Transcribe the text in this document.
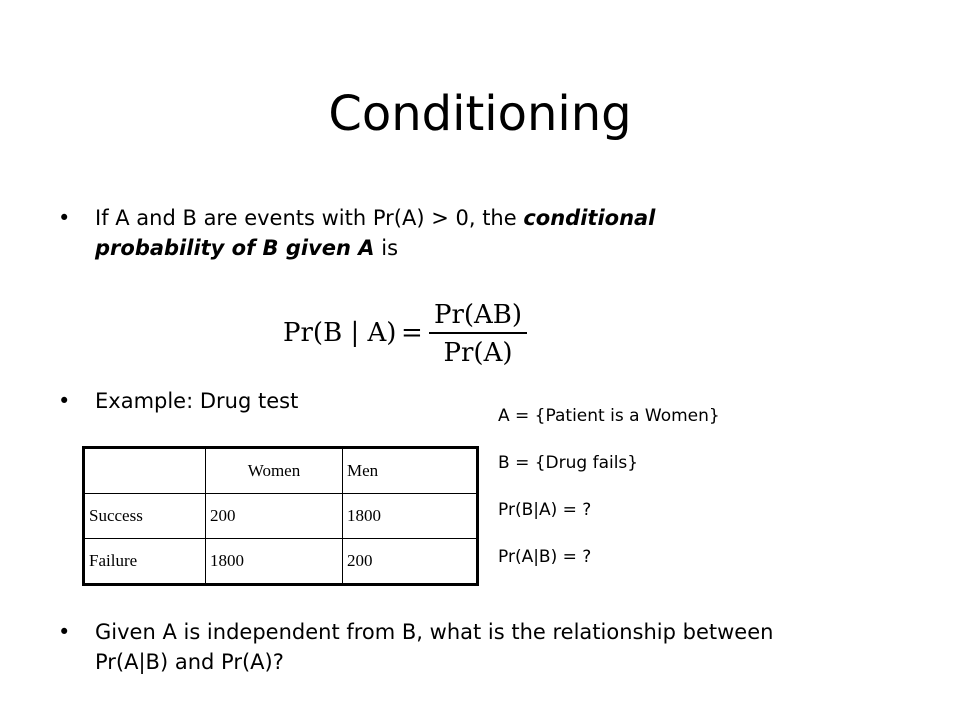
Conditioning
•	If A and B are events with Pr(A) > 0, the conditional probability of B given A is
Pr(B | A) =
Pr(AB)
Pr(A)
•	Example: Drug test
	Women	Men
Success	200	1800
Failure	1800	200
A = {Patient is a Women}
B = {Drug fails}
Pr(B|A) = ?
Pr(A|B) = ?
•	Given A is independent from B, what is the relationship between Pr(A|B) and Pr(A)?
